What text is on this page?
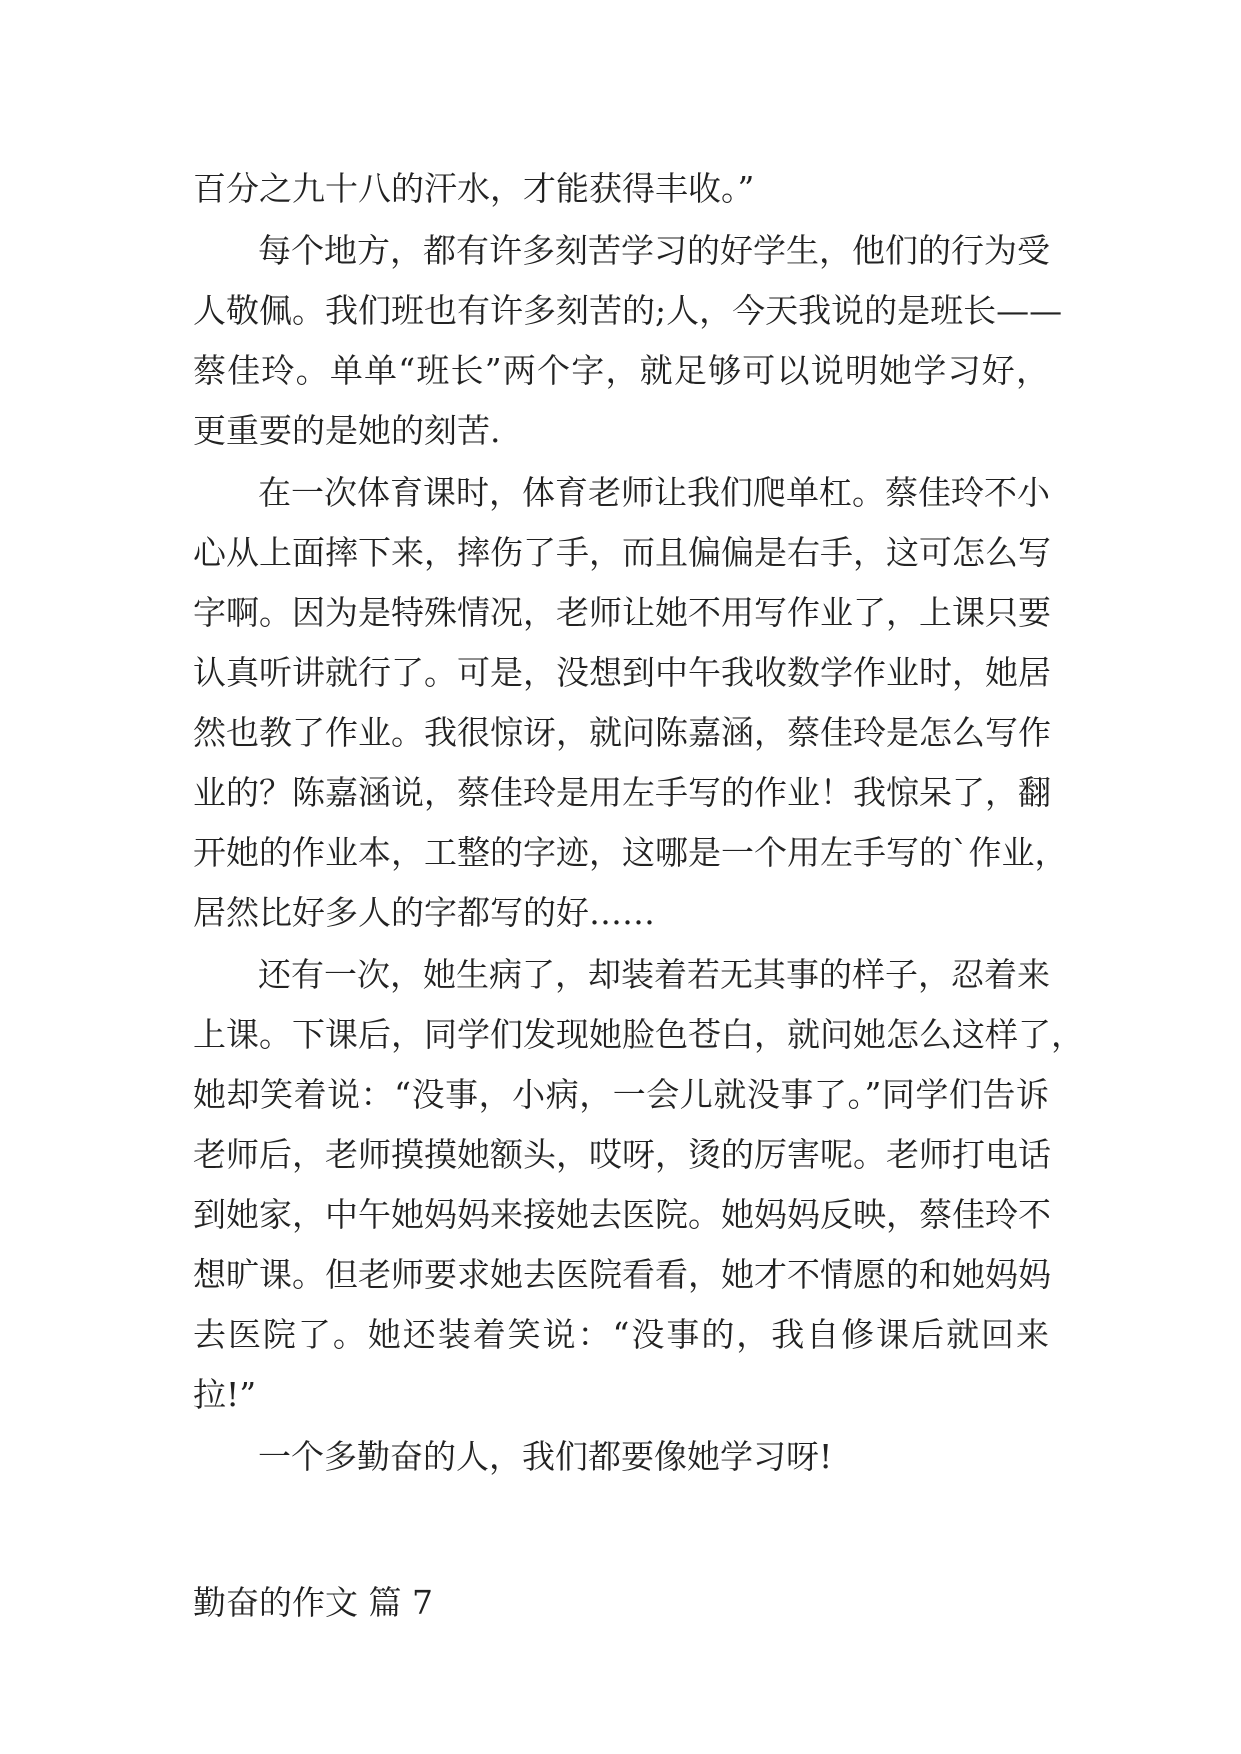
百分之九十八的汗水，才能获得丰收。”
每个地方，都有许多刻苦学习的好学生，他们的行为受
人敬佩。我们班也有许多刻苦的;人，今天我说的是班长——
蔡佳玲。单单“班长”两个字，就足够可以说明她学习好，
更重要的是她的刻苦.
在一次体育课时，体育老师让我们爬单杠。蔡佳玲不小
心从上面摔下来，摔伤了手，而且偏偏是右手，这可怎么写
字啊。因为是特殊情况，老师让她不用写作业了，上课只要
认真听讲就行了。可是，没想到中午我收数学作业时，她居
然也教了作业。我很惊讶，就问陈嘉涵，蔡佳玲是怎么写作
业的？陈嘉涵说，蔡佳玲是用左手写的作业！我惊呆了，翻
开她的作业本，工整的字迹，这哪是一个用左手写的`作业，
居然比好多人的字都写的好……
还有一次，她生病了，却装着若无其事的样子，忍着来
上课。下课后，同学们发现她脸色苍白，就问她怎么这样了，
她却笑着说：“没事，小病，一会儿就没事了。”同学们告诉
老师后，老师摸摸她额头，哎呀，烫的厉害呢。老师打电话
到她家，中午她妈妈来接她去医院。她妈妈反映，蔡佳玲不
想旷课。但老师要求她去医院看看，她才不情愿的和她妈妈
去医院了。她还装着笑说：“没事的，我自修课后就回来
拉!”
一个多勤奋的人，我们都要像她学习呀!
勤奋的作文 篇 7
